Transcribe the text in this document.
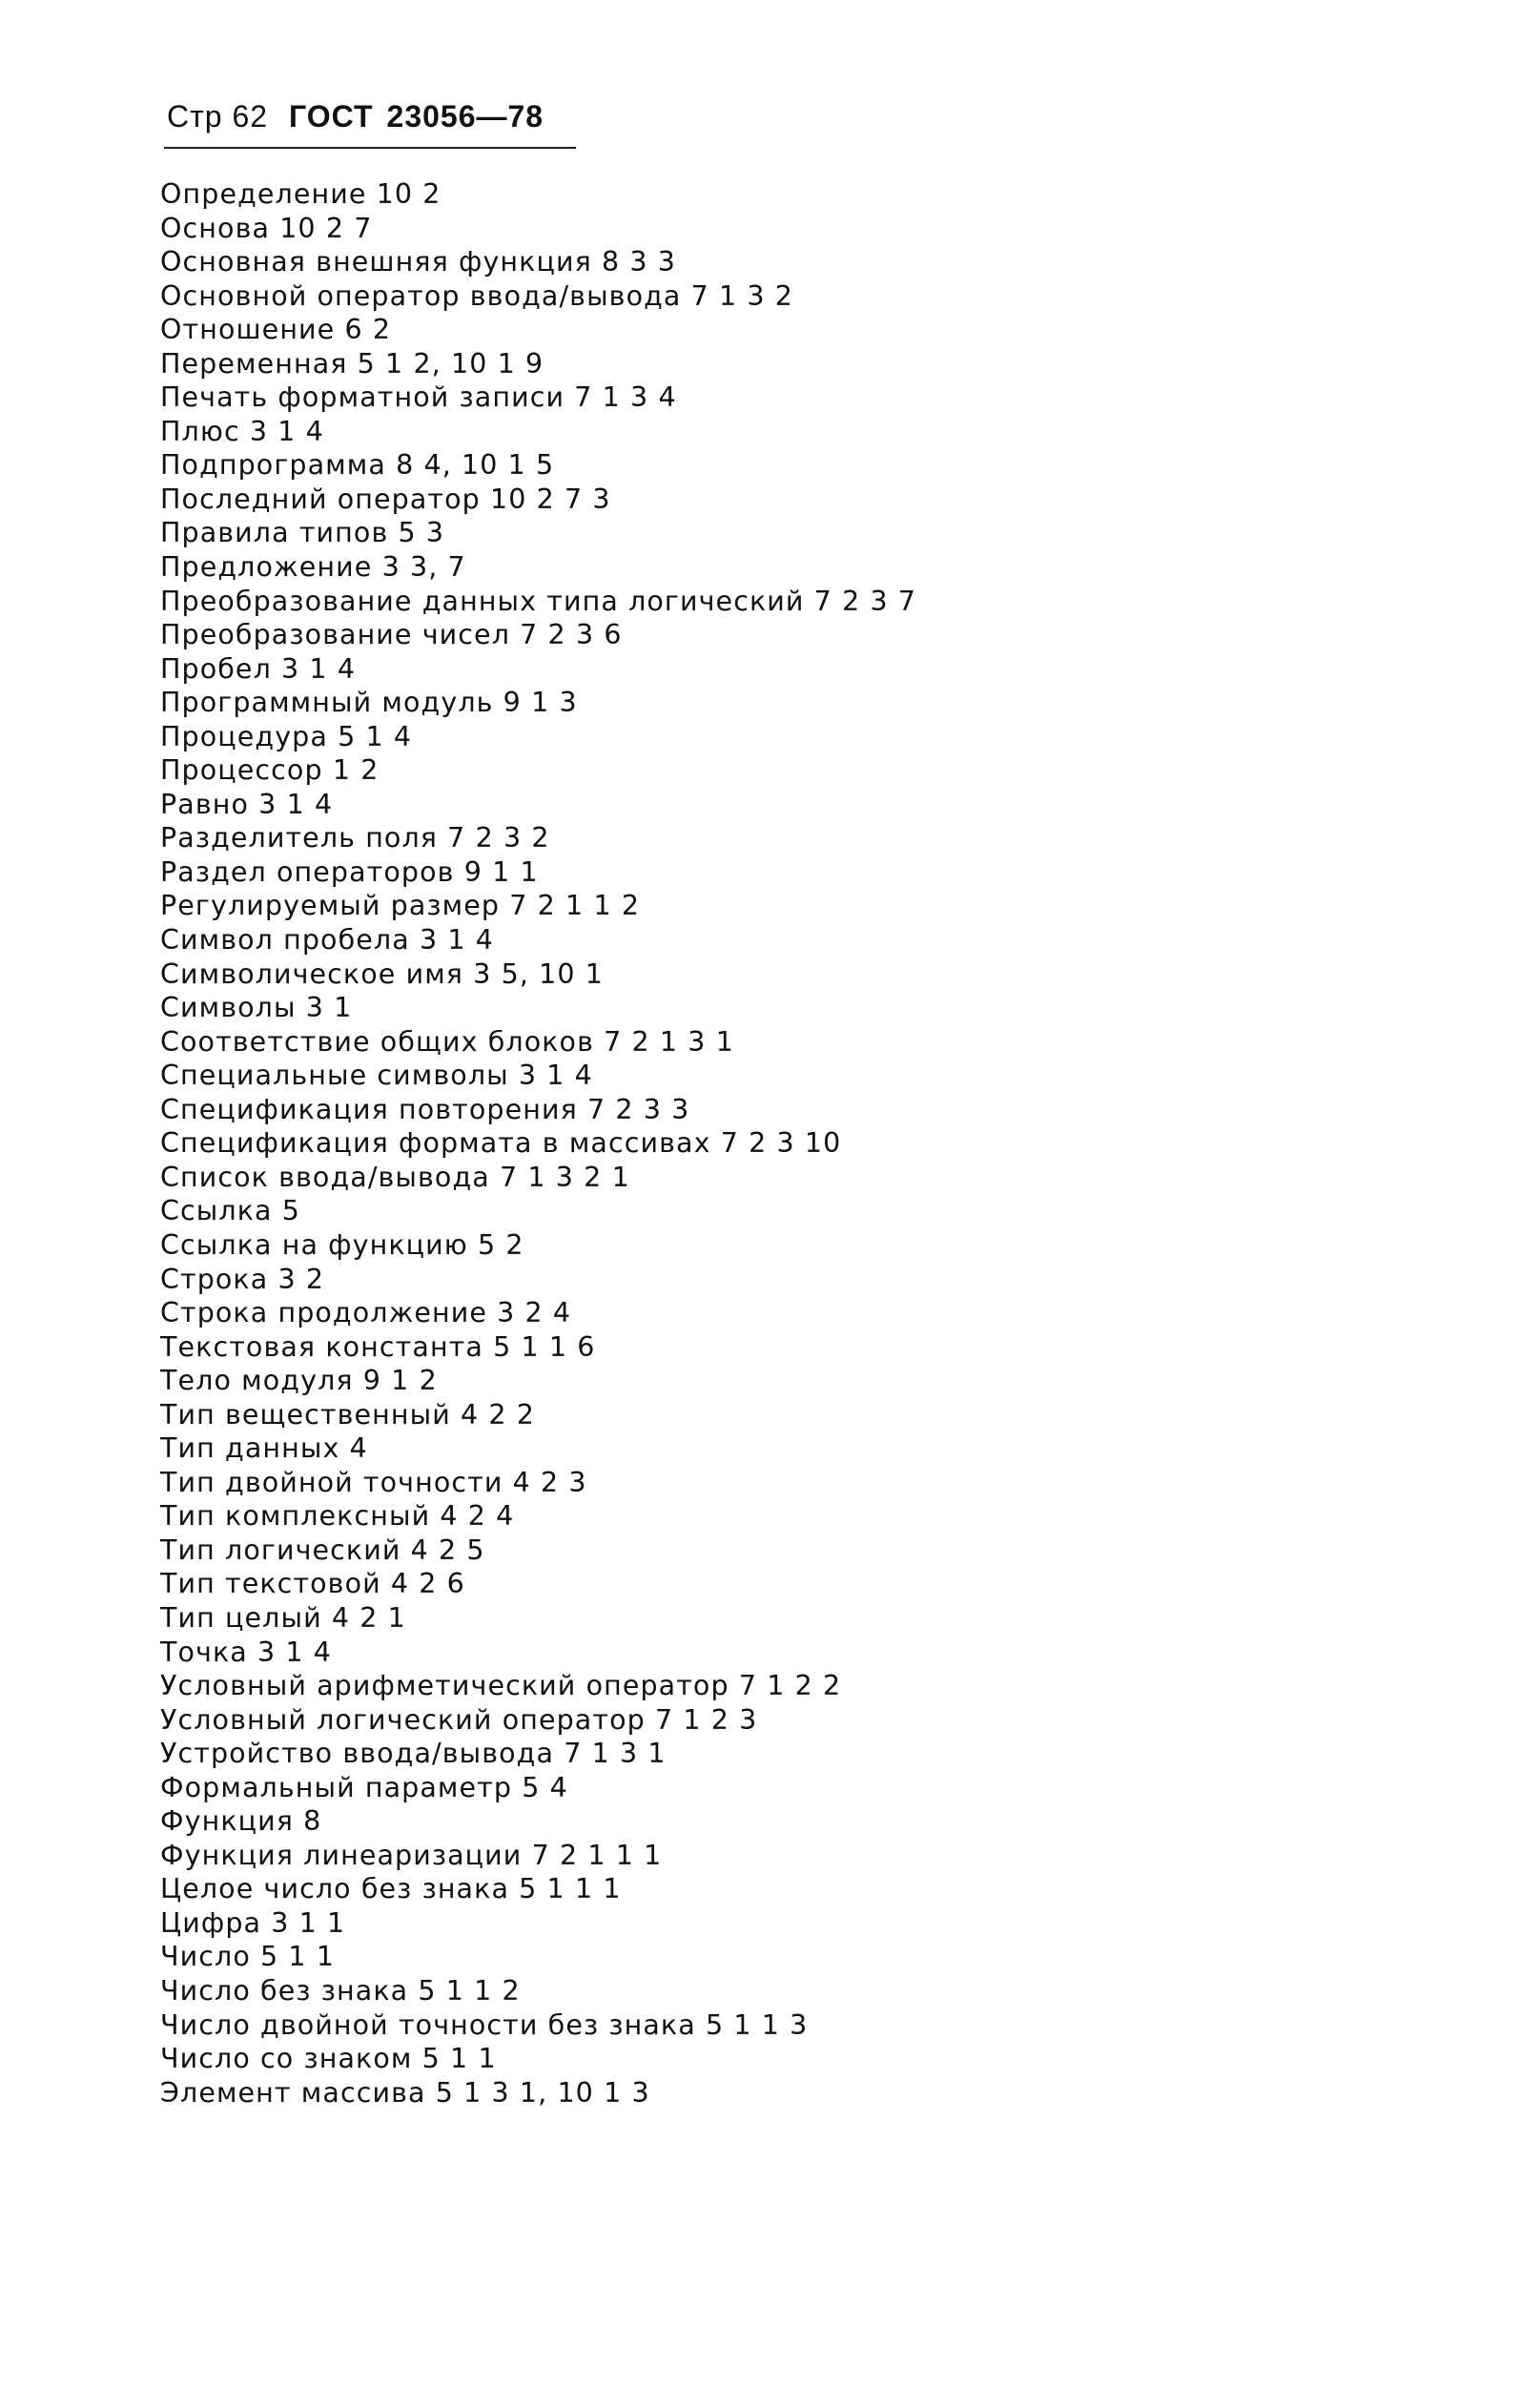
Стр 62 ГОСТ 23056—78
Определение 10 2
Основа 10 2 7
Основная внешняя функция 8 3 3
Основной оператор ввода/вывода 7 1 3 2
Отношение 6 2
Переменная 5 1 2, 10 1 9
Печать форматной записи 7 1 3 4
Плюс 3 1 4
Подпрограмма 8 4, 10 1 5
Последний оператор 10 2 7 3
Правила типов 5 3
Предложение 3 3, 7
Преобразование данных типа логический 7 2 3 7
Преобразование чисел 7 2 3 6
Пробел 3 1 4
Программный модуль 9 1 3
Процедура 5 1 4
Процессор 1 2
Равно 3 1 4
Разделитель поля 7 2 3 2
Раздел операторов 9 1 1
Регулируемый размер 7 2 1 1 2
Символ пробела 3 1 4
Символическое имя 3 5, 10 1
Символы 3 1
Соответствие общих блоков 7 2 1 3 1
Специальные символы 3 1 4
Спецификация повторения 7 2 3 3
Спецификация формата в массивах 7 2 3 10
Список ввода/вывода 7 1 3 2 1
Ссылка 5
Ссылка на функцию 5 2
Строка 3 2
Строка продолжение 3 2 4
Текстовая константа 5 1 1 6
Тело модуля 9 1 2
Тип вещественный 4 2 2
Тип данных 4
Тип двойной точности 4 2 3
Тип комплексный 4 2 4
Тип логический 4 2 5
Тип текстовой 4 2 6
Тип целый 4 2 1
Точка 3 1 4
Условный арифметический оператор 7 1 2 2
Условный логический оператор 7 1 2 3
Устройство ввода/вывода 7 1 3 1
Формальный параметр 5 4
Функция 8
Функция линеаризации 7 2 1 1 1
Целое число без знака 5 1 1 1
Цифра 3 1 1
Число 5 1 1
Число без знака 5 1 1 2
Число двойной точности без знака 5 1 1 3
Число со знаком 5 1 1
Элемент массива 5 1 3 1, 10 1 3
